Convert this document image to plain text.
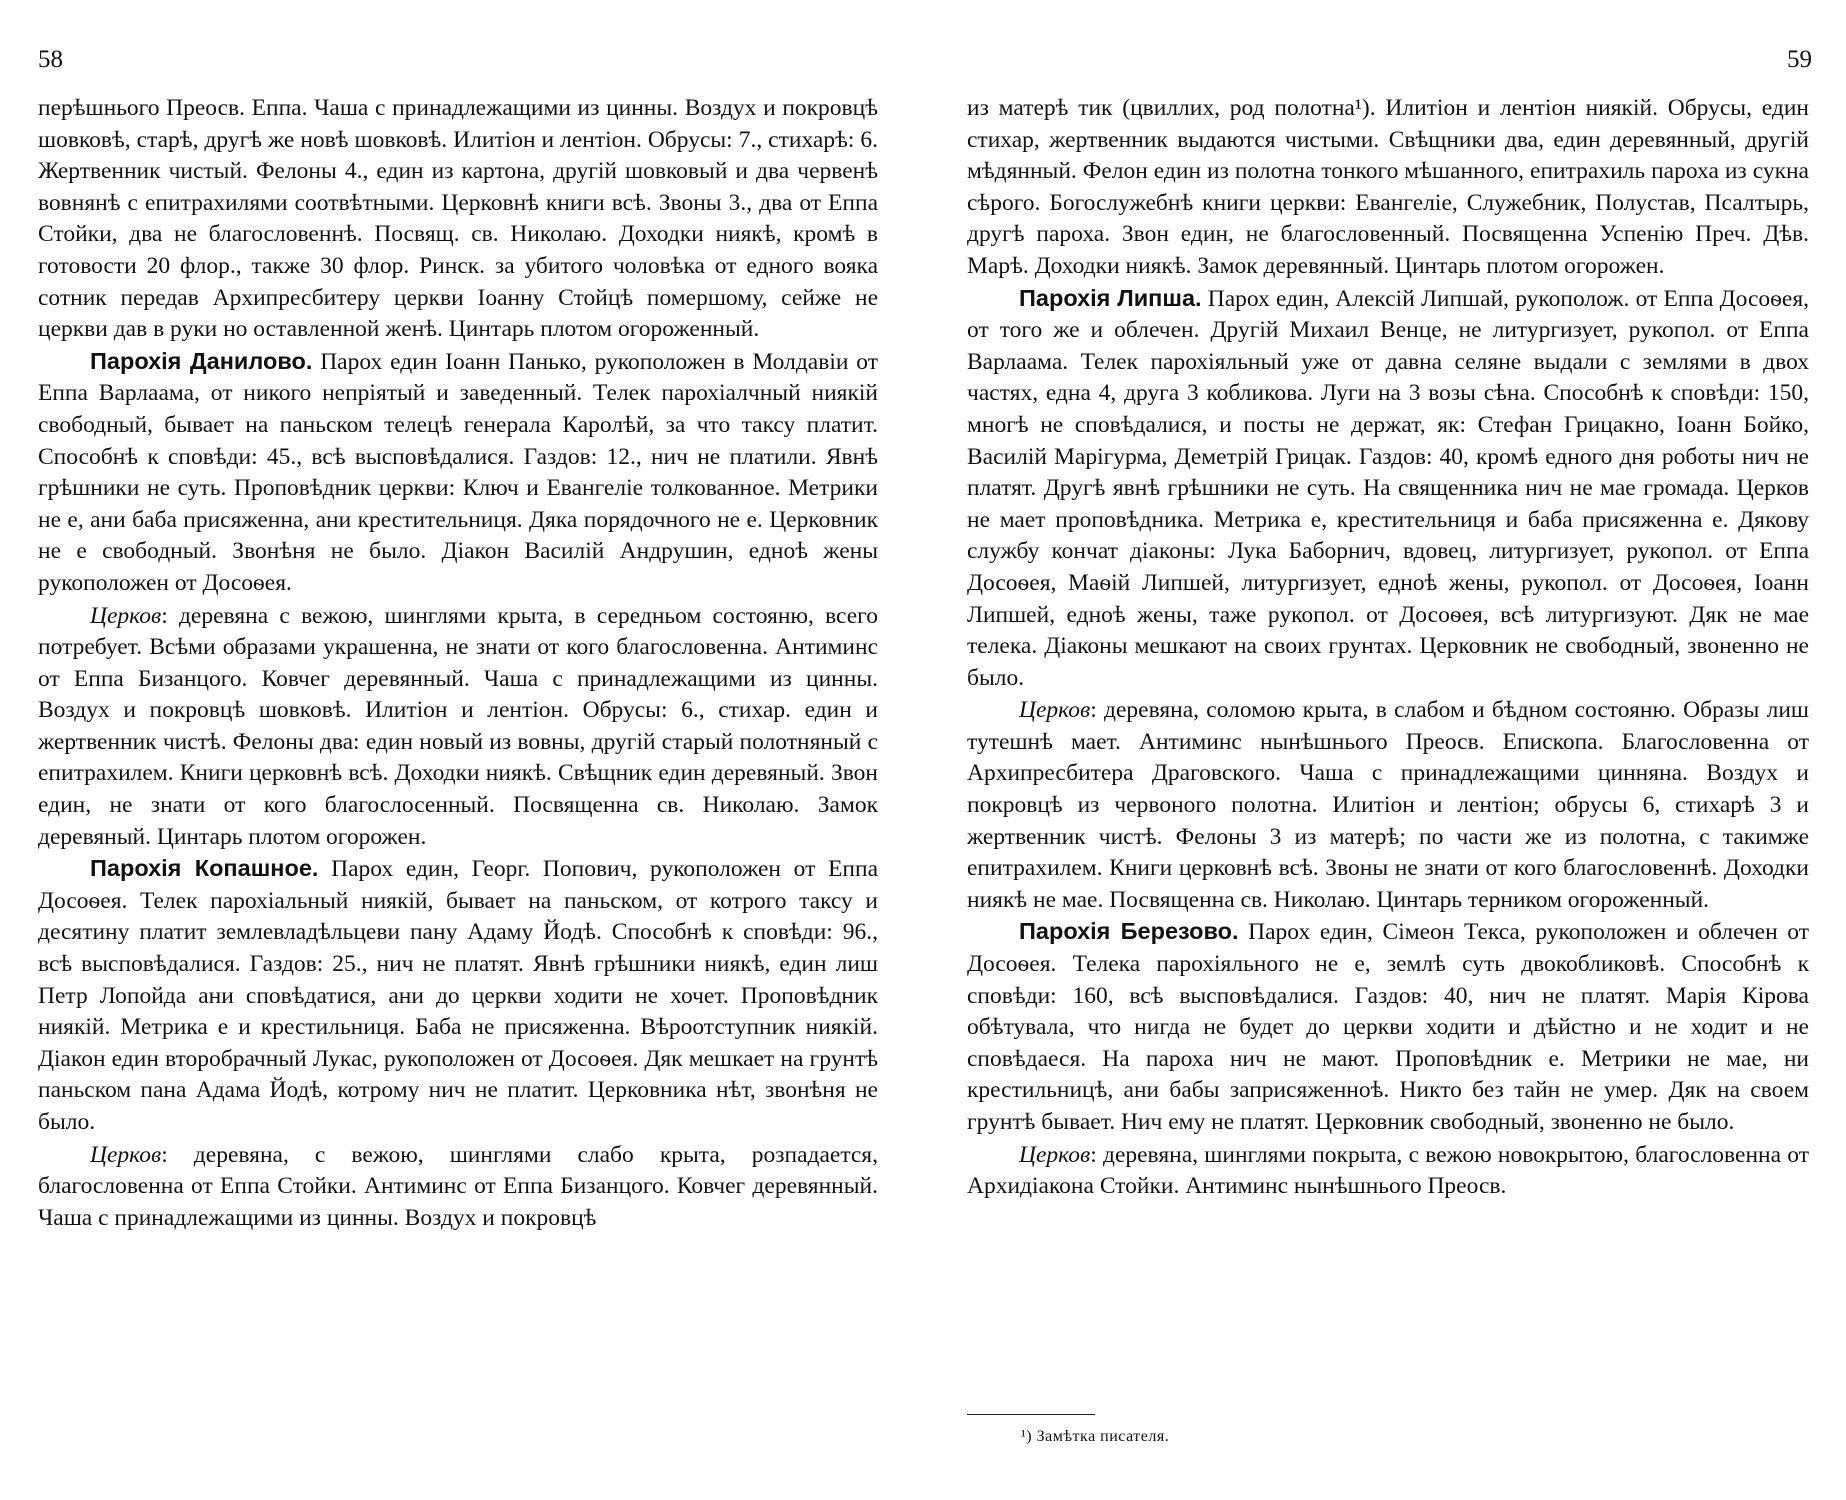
58

перѣшнього Преосв. Еппа. Чаша с принадлежащими из цинны. Воздух и покровцѣ шовковѣ, старѣ, другѣ же новѣ шовковѣ. Илитіон и лентіон. Обрусы: 7., стихарѣ: 6. Жертвенник чистый. Фелоны 4., един из картона, другій шовковый и два червенѣ вовнянѣ с епитрахилями соотвѣтными. Церковнѣ книги всѣ. Звоны 3., два от Еппа Стойки, два не благословеннѣ. Посвящ. св. Николаю. Доходки ниякѣ, кромѣ в готовости 20 флор., также 30 флор. Ринск. за убитого чоловѣка от едного вояка сотник передав Архипресбитеру церкви Іоанну Стойцѣ помершому, сейже не церкви дав в руки но оставленной женѣ. Цинтарь плотом огороженный.

Парохія Данилово. Парох един Іоанн Панько, рукоположен в Молдавіи от Еппа Варлаама, от никого непріятый и заведенный. Телек парохіалчный ниякій свободный, бывает на паньском телецѣ генерала Каролѣй, за что таксу платит. Способнѣ к сповѣди: 45., всѣ высповѣдалися. Газдов: 12., нич не платили. Явнѣ грѣшники не суть. Проповѣдник церкви: Ключ и Евангеліе толкованное. Метрики не е, ани баба присяженна, ани крестительниця. Дяка порядочного не е. Церковник не е свободный. Звонѣня не было. Діакон Василій Андрушин, едноѣ жены рукоположен от Досоѳея.

Церков: деревяна с вежою, шинглями крыта, в середньом состояню, всего потребует. Всѣми образами украшенна, не знати от кого благословенна. Антиминс от Еппа Бизанцого. Ковчег деревянный. Чаша с принадлежащими из цинны. Воздух и покровцѣ шовковѣ. Илитіон и лентіон. Обрусы: 6., стихар. един и жертвенник чистѣ. Фелоны два: един новый из вовны, другій старый полотняный с епитрахилем. Книги церковнѣ всѣ. Доходки ниякѣ. Свѣщник един деревяный. Звон един, не знати от кого благослосенный. Посвященна св. Николаю. Замок деревяный. Цинтарь плотом огорожен.

Парохія Копашное. Парох един, Георг. Попович, рукоположен от Еппа Досоѳея. Телек парохіальный ниякій, бывает на паньском, от котрого таксу и десятину платит землевладѣльцеви пану Адаму Йодѣ. Способнѣ к сповѣди: 96., всѣ высповѣдалися. Газдов: 25., нич не платят. Явнѣ грѣшники ниякѣ, един лиш Петр Лопойда ани сповѣдатися, ани до церкви ходити не хочет. Проповѣдник ниякій. Метрика е и крестильниця. Баба не присяженна. Вѣроотступник ниякій. Діакон един второбрачный Лукас, рукоположен от Досоѳея. Дяк мешкает на грунтѣ паньском пана Адама Йодѣ, котрому нич не платит. Церковника нѣт, звонѣня не было.

Церков: деревяна, с вежою, шинглями слабо крыта, розпадается, благословенна от Еппа Стойки. Антиминс от Еппа Бизанцого. Ковчег деревянный. Чаша с принадлежащими из цинны. Воздух и покровцѣ

59

из матерѣ тик (цвиллих, род полотна¹). Илитіон и лентіон ниякій. Обрусы, един стихар, жертвенник выдаются чистыми. Свѣщники два, един деревянный, другій мѣдянный. Фелон един из полотна тонкого мѣшанного, епитрахиль пароха из сукна сѣрого. Богослужебнѣ книги церкви: Евангеліе, Служебник, Полустав, Псалтырь, другѣ пароха. Звон един, не благословенный. Посвященна Успенію Преч. Дѣв. Марѣ. Доходки ниякѣ. Замок деревянный. Цинтарь плотом огорожен.

Парохія Липша. Парох един, Алексій Липшай, рукополож. от Еппа Досоѳея, от того же и облечен. Другій Михаил Венце, не литургизует, рукопол. от Еппа Варлаама. Телек парохіяльный уже от давна селяне выдали с землями в двох частях, една 4, друга 3 кобликова. Луги на 3 возы сѣна. Способнѣ к сповѣди: 150, многѣ не сповѣдалися, и посты не держат, як: Стефан Грицакно, Іоанн Бойко, Василій Марігурма, Деметрій Грицак. Газдов: 40, кромѣ едного дня роботы нич не платят. Другѣ явнѣ грѣшники не суть. На священника нич не мае громада. Церков не мает проповѣдника. Метрика е, крестительниця и баба присяженна е. Дякову службу кончат діаконы: Лука Баборнич, вдовец, литургизует, рукопол. от Еппа Досоѳея, Маѳій Липшей, литургизует, едноѣ жены, рукопол. от Досоѳея, Іоанн Липшей, едноѣ жены, таже рукопол. от Досоѳея, всѣ литургизуют. Дяк не мае телека. Діаконы мешкают на своих грунтах. Церковник не свободный, звоненно не было.

Церков: деревяна, соломою крыта, в слабом и бѣдном состояню. Образы лиш тутешнѣ мает. Антиминс нынѣшнього Преосв. Епископа. Благословенна от Архипресбитера Драговского. Чаша с принадлежащими цинняна. Воздух и покровцѣ из червоного полотна. Илитіон и лентіон; обрусы 6, стихарѣ 3 и жертвенник чистѣ. Фелоны 3 из матерѣ; по части же из полотна, с такимже епитрахилем. Книги церковнѣ всѣ. Звоны не знати от кого благословеннѣ. Доходки ниякѣ не мае. Посвященна св. Николаю. Цинтарь терником огороженный.

Парохія Березово. Парох един, Сімеон Текса, рукоположен и облечен от Досоѳея. Телека парохіяльного не е, землѣ суть двокобликовѣ. Способнѣ к сповѣди: 160, всѣ высповѣдалися. Газдов: 40, нич не платят. Марія Кірова обѣтувала, что нигда не будет до церкви ходити и дѣйстно и не ходит и не сповѣдаеся. На пароха нич не мают. Проповѣдник е. Метрики не мае, ни крестильницѣ, ани бабы заприсяженноѣ. Никто без тайн не умер. Дяк на своем грунтѣ бывает. Нич ему не платят. Церковник свободный, звоненно не было.

Церков: деревяна, шинглями покрыта, с вежою новокрытою, благословенна от Архидіакона Стойки. Антиминс нынѣшнього Преосв.

¹) Замѣтка писателя.
